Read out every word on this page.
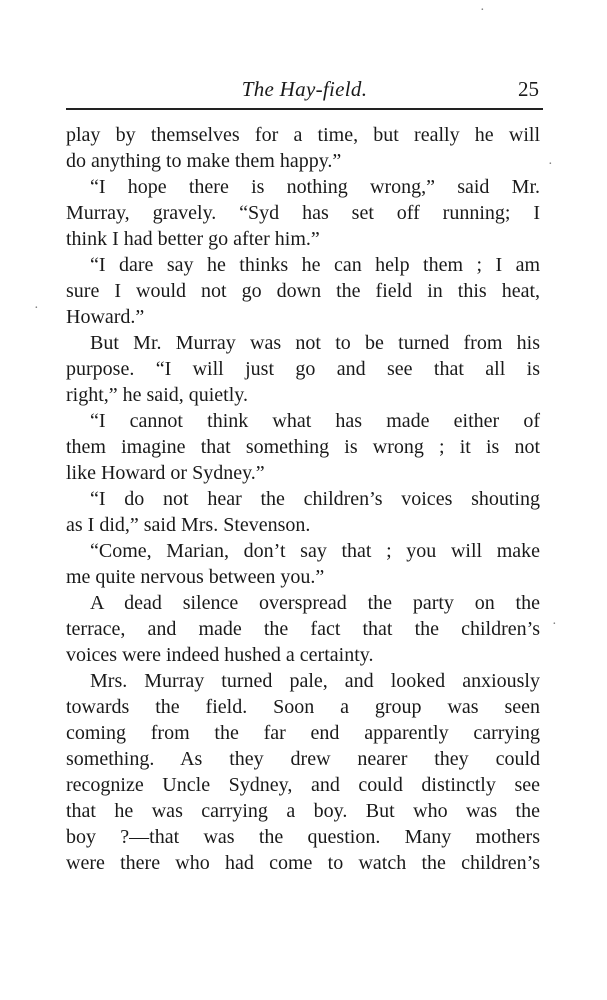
The Hay-field.	25
play by themselves for a time, but really he will
do anything to make them happy.”
“I hope there is nothing wrong,” said Mr.
Murray, gravely. “Syd has set off running; I
think I had better go after him.”
“I dare say he thinks he can help them ; I am
sure I would not go down the field in this heat,
Howard.”
But Mr. Murray was not to be turned from his
purpose. “I will just go and see that all is
right,” he said, quietly.
“I cannot think what has made either of
them imagine that something is wrong ; it is not
like Howard or Sydney.”
“I do not hear the children’s voices shouting
as I did,” said Mrs. Stevenson.
“Come, Marian, don’t say that ; you will make
me quite nervous between you.”
A dead silence overspread the party on the
terrace, and made the fact that the children’s
voices were indeed hushed a certainty.
Mrs. Murray turned pale, and looked anxiously
towards the field. Soon a group was seen
coming from the far end apparently carrying
something. As they drew nearer they could
recognize Uncle Sydney, and could distinctly see
that he was carrying a boy. But who was the
boy ?—that was the question. Many mothers
were there who had come to watch the children’s
·
·
·
·
